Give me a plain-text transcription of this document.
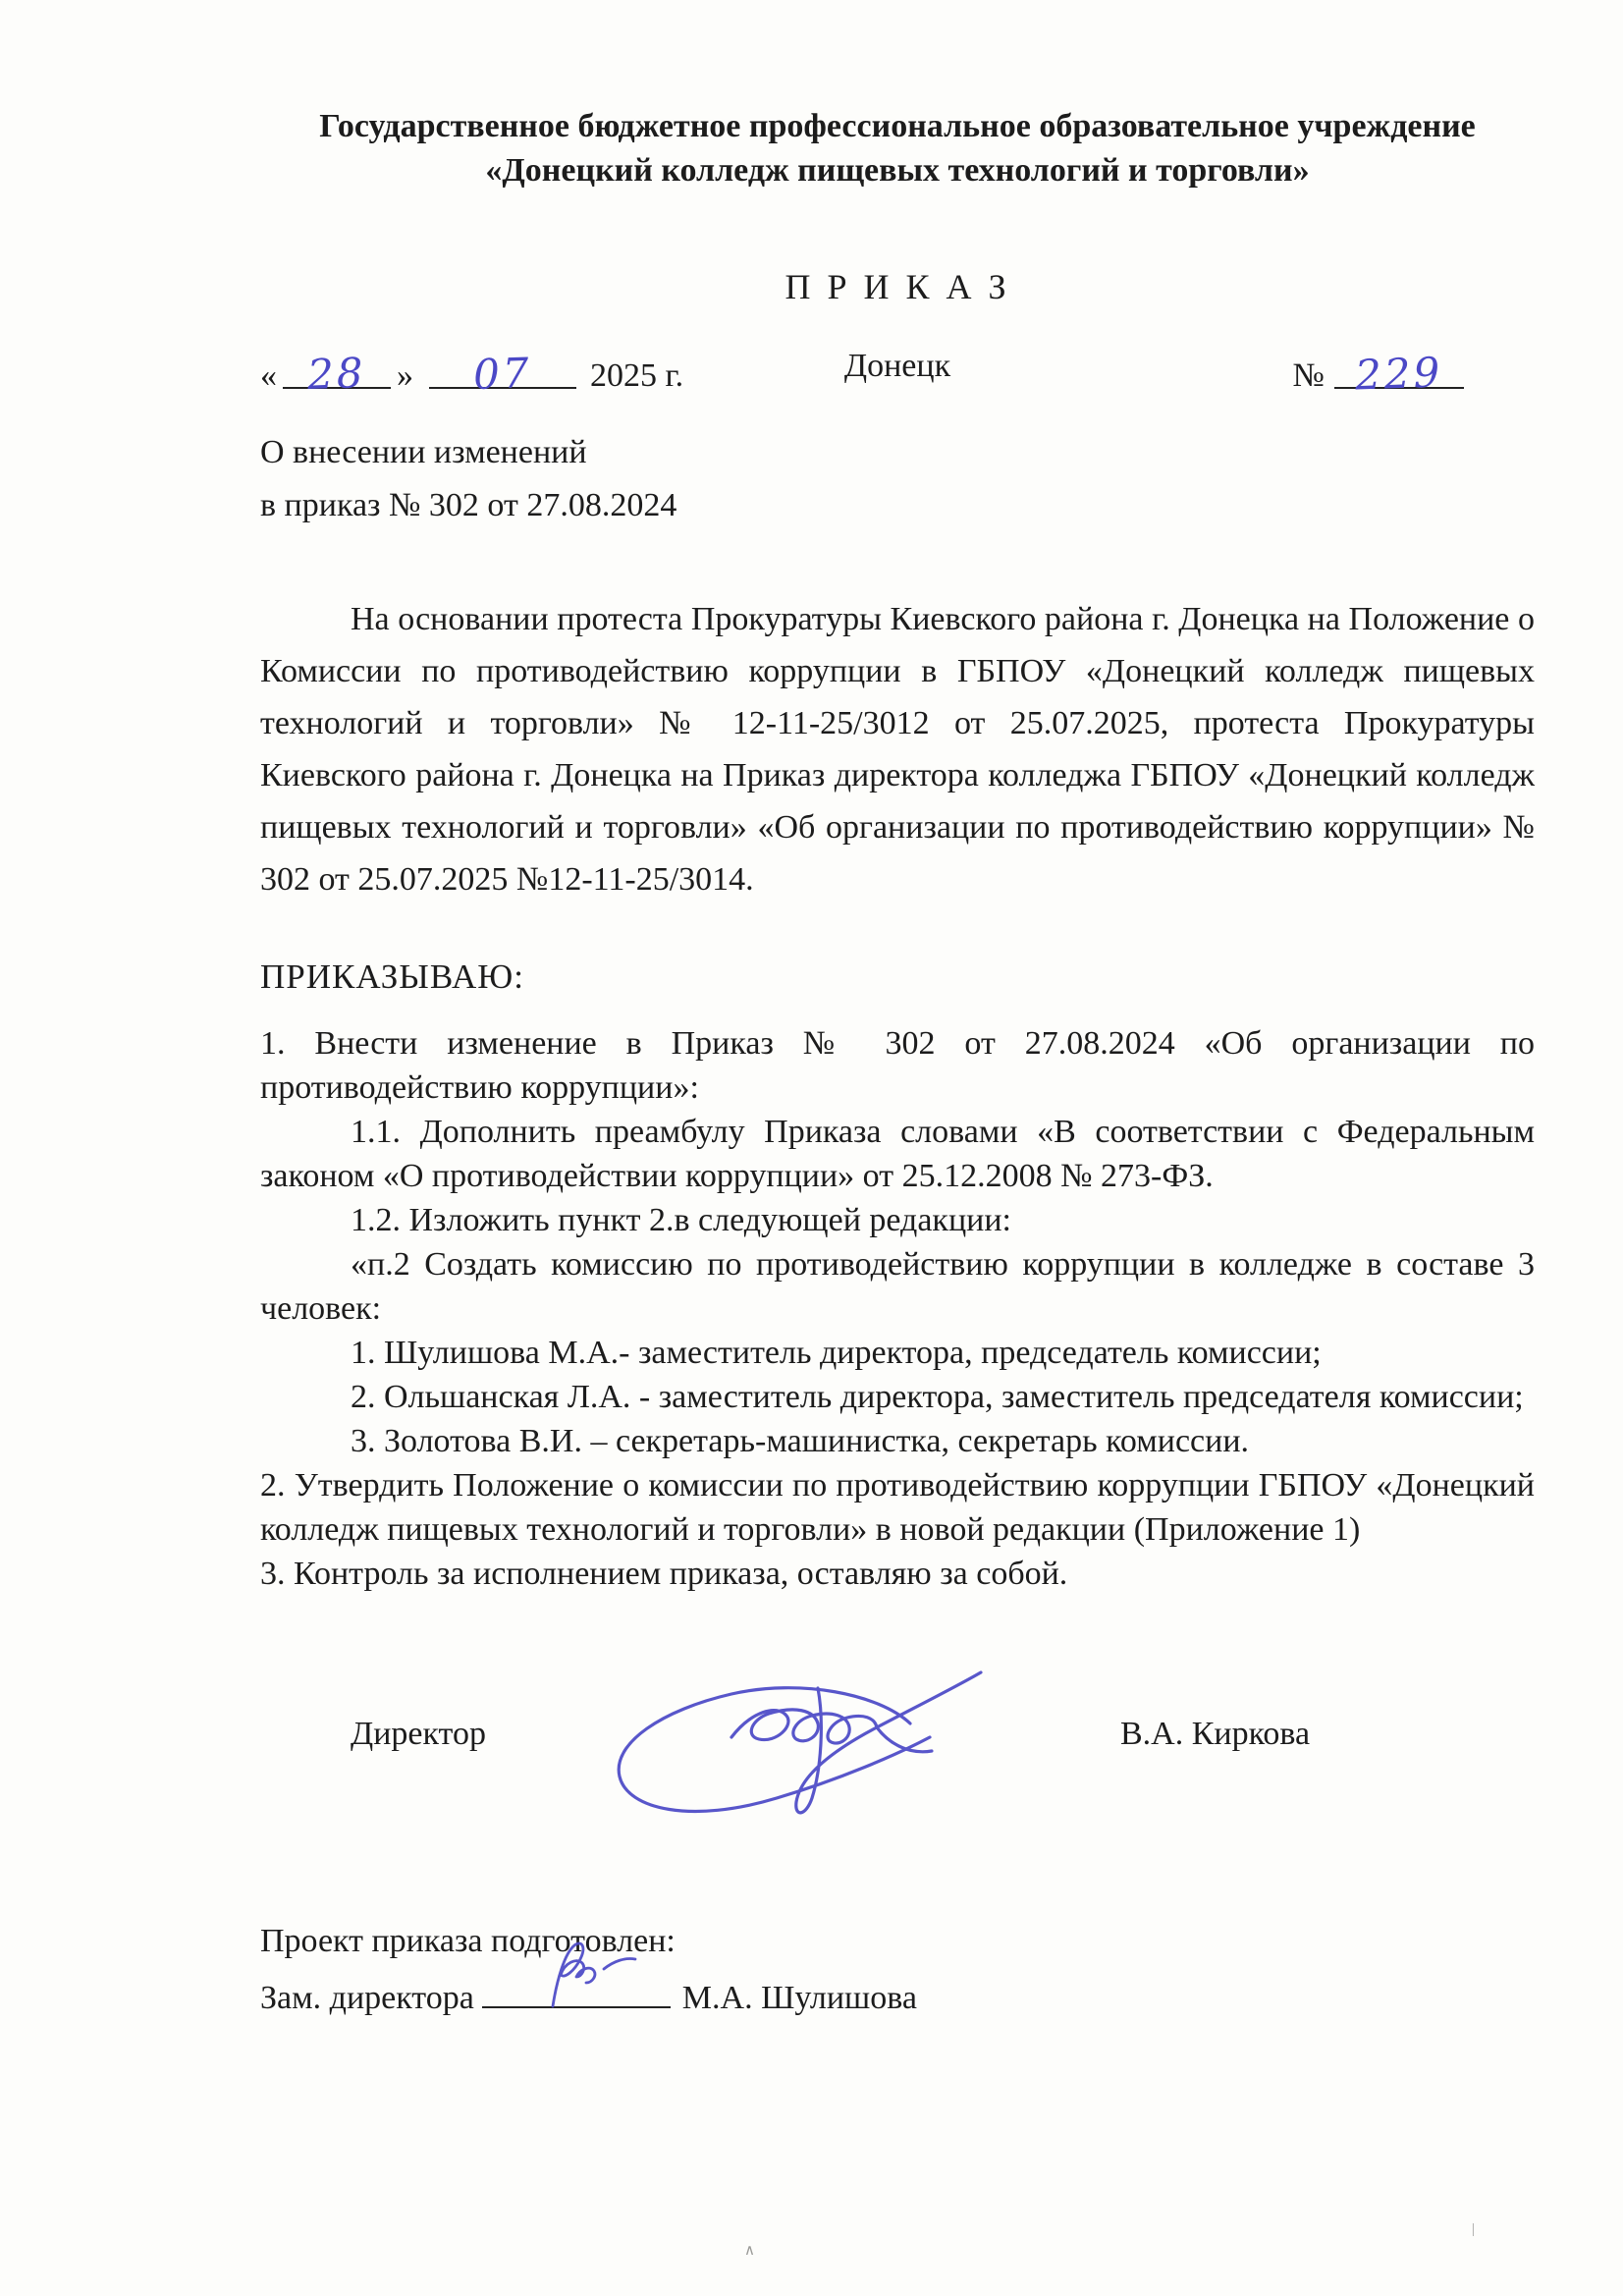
Государственное бюджетное профессиональное образовательное учреждение
«Донецкий колледж пищевых технологий и торговли»
П Р И К А З
« 28 » 07 2025 г.	Донецк	№ 229
О внесении изменений
в приказ № 302 от 27.08.2024

На основании протеста Прокуратуры Киевского района г. Донецка на Положение о Комиссии по противодействию коррупции в ГБПОУ «Донецкий колледж пищевых технологий и торговли» № 12-11-25/3012 от 25.07.2025, протеста Прокуратуры Киевского района г. Донецка на Приказ директора колледжа ГБПОУ «Донецкий колледж пищевых технологий и торговли» «Об организации по противодействию коррупции» № 302 от 25.07.2025 №12-11-25/3014.

ПРИКАЗЫВАЮ:

1. Внести изменение в Приказ № 302 от 27.08.2024 «Об организации по противодействию коррупции»:

1.1. Дополнить преамбулу Приказа словами «В соответствии с Федеральным законом «О противодействии коррупции» от 25.12.2008 № 273-ФЗ.

1.2. Изложить пункт 2.в следующей редакции:

«п.2 Создать комиссию по противодействию коррупции в колледже в составе 3 человек:

1. Шулишова М.А.- заместитель директора, председатель комиссии;

2. Ольшанская Л.А. - заместитель директора, заместитель председателя комиссии;

3. Золотова В.И. – секретарь-машинистка, секретарь комиссии.

2. Утвердить Положение о комиссии по противодействию коррупции ГБПОУ «Донецкий колледж пищевых технологий и торговли» в новой редакции (Приложение 1)

3. Контроль за исполнением приказа, оставляю за собой.

Директор	В.А. Киркова
Проект приказа подготовлен:
Зам. директора	М.А. Шулишова
∧
|
